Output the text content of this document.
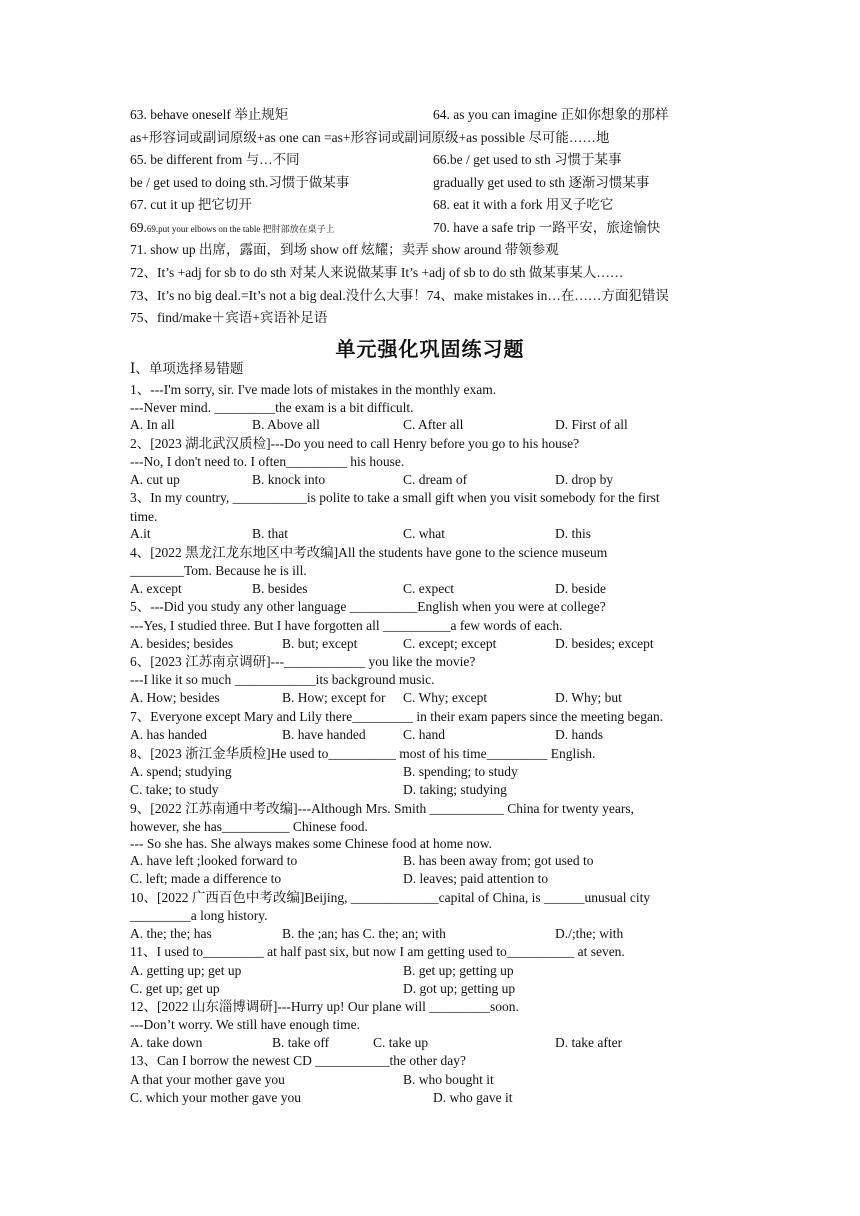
63. behave oneself 举止规矩	64. as you can imagine 正如你想象的那样
as+形容词或副词原级+as one can =as+形容词或副词原级+as possible 尽可能……地
65. be different from 与…不同	66.be / get used to sth 习惯于某事
be / get used to doing sth.习惯于做某事	gradually get used to sth 逐渐习惯某事
67. cut it up 把它切开	68. eat it with a fork 用叉子吃它
69.69.put your elbows on the table 把肘部放在桌子上	70. have a safe trip 一路平安，旅途愉快
71. show up 出席，露面，到场 show off 炫耀；卖弄 show around 带领参观
72、It’s +adj for sb to do sth 对某人来说做某事 It’s +adj of sb to do sth 做某事某人……
73、It’s no big deal.=It’s not a big deal.没什么大事！74、make mistakes in…在……方面犯错误
75、find/make＋宾语+宾语补足语
单元强化巩固练习题
Ⅰ、单项选择易错题
1、---I'm sorry, sir. I've made lots of mistakes in the monthly exam.
---Never mind. _________the exam is a bit difficult.
A. In all	B. Above all	C. After all	D. First of all
2、[2023 湖北武汉质检]---Do you need to call Henry before you go to his house?
---No, I don't need to. I often_________ his house.
A. cut up	B. knock into	C. dream of	D. drop by
3、In my country, ___________is polite to take a small gift when you visit somebody for the first
time.
A.it	B. that	C. what	D. this
4、[2022 黑龙江龙东地区中考改编]All the students have gone to the science museum
________Tom. Because he is ill.
A. except	B. besides	C. expect	D. beside
5、---Did you study any other language __________English when you were at college?
---Yes, I studied three. But I have forgotten all __________a few words of each.
A. besides; besides	B. but; except	C. except; except	D. besides; except
6、[2023 江苏南京调研]---____________ you like the movie?
---I like it so much ____________its background music.
A. How; besides	B. How; except for C. Why; except	D. Why; but
7、Everyone except Mary and Lily there_________ in their exam papers since the meeting began.
A. has handed	B. have handed	C. hand	D. hands
8、[2023 浙江金华质检]He used to__________ most of his time_________ English.
A. spend; studying	B. spending; to study
C. take; to study	D. taking; studying
9、[2022 江苏南通中考改编]---Although Mrs. Smith ___________ China for twenty years,
however, she has__________ Chinese food.
--- So she has. She always makes some Chinese food at home now.
A. have left ;looked forward to	B. has been away from; got used to
C. left; made a difference to	D. leaves; paid attention to
10、[2022 广西百色中考改编]Beijing, _____________capital of China, is ______unusual city
_________a long history.
A. the; the; has	B. the ;an; has C. the; an; with	D./;the; with
11、I used to_________ at half past six, but now I am getting used to__________ at seven.
A. getting up; get up	B. get up; getting up
C. get up; get up	D. got up; getting up
12、[2022 山东淄博调研]---Hurry up! Our plane will _________soon.
---Don’t worry. We still have enough time.
A. take down	B. take off	C. take up	D. take after
13、Can I borrow the newest CD ___________the other day?
A that your mother gave you	B. who bought it
C. which your mother gave you	D. who gave it
